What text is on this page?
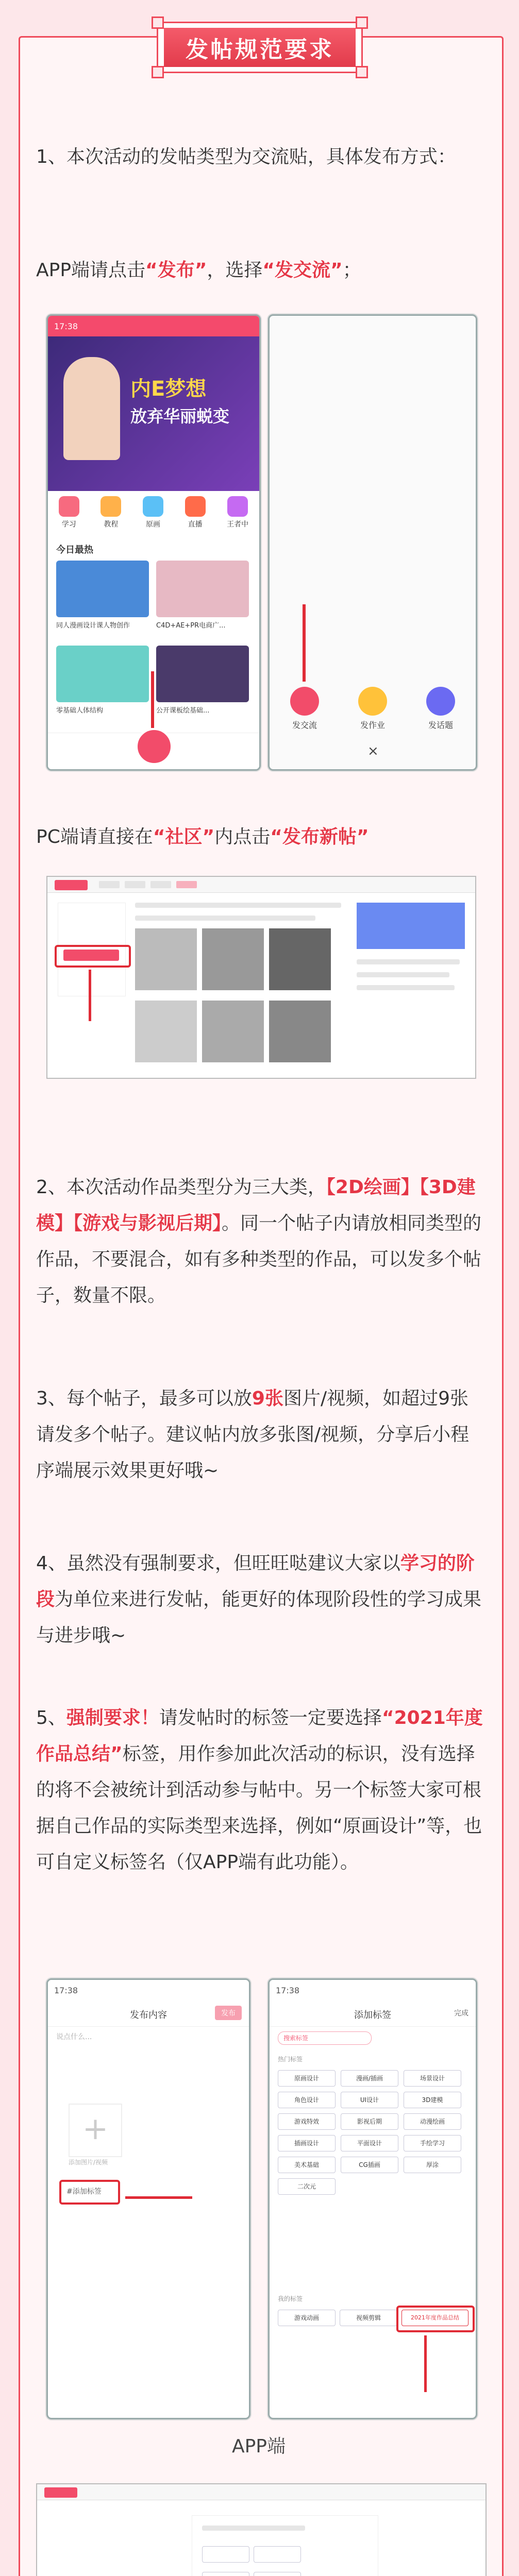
发帖规范要求
1、本次活动的发帖类型为交流贴，具体发布方式：
APP端请点击“发布”，选择“发交流”；
17:38
内E梦想
放弃华丽蜕变
学习	教程	原画	直播	王者中
今日最热
同人漫画设计课人物创作	C4D+AE+PR电商广...
零基础人体结构	公开课板绘基础...
发交流	发作业	发话题
×
PC端请直接在“社区”内点击“发布新帖”
2、本次活动作品类型分为三大类，【2D绘画】【3D建模】【游戏与影视后期】。同一个帖子内请放相同类型的作品，不要混合，如有多种类型的作品，可以发多个帖子，数量不限。
3、每个帖子，最多可以放9张图片/视频，如超过9张请发多个帖子。建议帖内放多张图/视频，分享后小程序端展示效果更好哦~
4、虽然没有强制要求，但旺旺哒建议大家以学习的阶段为单位来进行发帖，能更好的体现阶段性的学习成果与进步哦~
5、强制要求！请发帖时的标签一定要选择“2021年度作品总结”标签，用作参加此次活动的标识，没有选择的将不会被统计到活动参与帖中。另一个标签大家可根据自己作品的实际类型来选择，例如“原画设计”等，也可自定义标签名（仅APP端有此功能）。
17:38
发布内容	发布
说点什么...
+
添加图片/视频
#添加标签
17:38
添加标签	完成
搜索标签
热门标签
原画设计	漫画/插画	场景设计
角色设计	UI设计	3D建模
游戏特效	影视后期	动漫绘画
插画设计	平面设计	手绘学习
美术基础	CG插画	厚涂
二次元
我的标签
游戏动画	视频剪辑	2021年度作品总结
APP端
